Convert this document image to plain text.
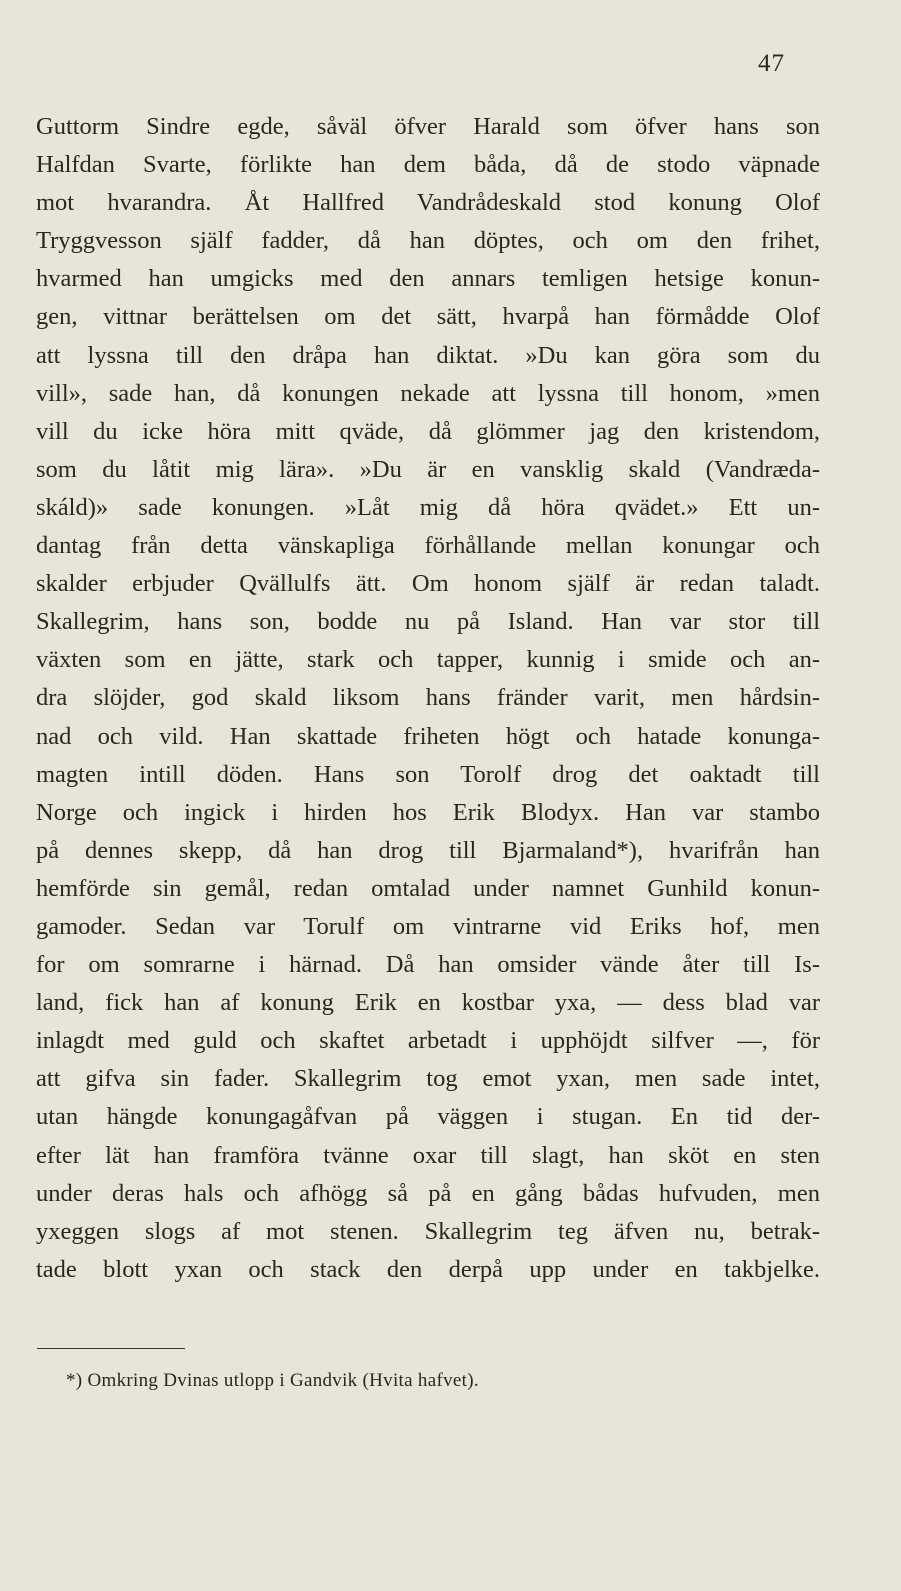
47
Guttorm Sindre egde, såväl öfver Harald som öfver hans son
Halfdan Svarte, förlikte han dem båda, då de stodo väpnade
mot hvarandra. Åt Hallfred Vandrådeskald stod konung Olof
Tryggvesson själf fadder, då han döptes, och om den frihet,
hvarmed han umgicks med den annars temligen hetsige konun-
gen, vittnar berättelsen om det sätt, hvarpå han förmådde Olof
att lyssna till den dråpa han diktat. »Du kan göra som du
vill», sade han, då konungen nekade att lyssna till honom, »men
vill du icke höra mitt qväde, då glömmer jag den kristendom,
som du låtit mig lära». »Du är en vansklig skald (Vandræda-
skáld)» sade konungen. »Låt mig då höra qvädet.» Ett un-
dantag från detta vänskapliga förhållande mellan konungar och
skalder erbjuder Qvällulfs ätt. Om honom själf är redan taladt.
Skallegrim, hans son, bodde nu på Island. Han var stor till
växten som en jätte, stark och tapper, kunnig i smide och an-
dra slöjder, god skald liksom hans fränder varit, men hårdsin-
nad och vild. Han skattade friheten högt och hatade konunga-
magten intill döden. Hans son Torolf drog det oaktadt till
Norge och ingick i hirden hos Erik Blodyx. Han var stambo
på dennes skepp, då han drog till Bjarmaland*), hvarifrån han
hemförde sin gemål, redan omtalad under namnet Gunhild konun-
gamoder. Sedan var Torulf om vintrarne vid Eriks hof, men
for om somrarne i härnad. Då han omsider vände åter till Is-
land, fick han af konung Erik en kostbar yxa, — dess blad var
inlagdt med guld och skaftet arbetadt i upphöjdt silfver —, för
att gifva sin fader. Skallegrim tog emot yxan, men sade intet,
utan hängde konungagåfvan på väggen i stugan. En tid der-
efter lät han framföra tvänne oxar till slagt, han sköt en sten
under deras hals och afhögg så på en gång bådas hufvuden, men
yxeggen slogs af mot stenen. Skallegrim teg äfven nu, betrak-
tade blott yxan och stack den derpå upp under en takbjelke.
*) Omkring Dvinas utlopp i Gandvik (Hvita hafvet).
